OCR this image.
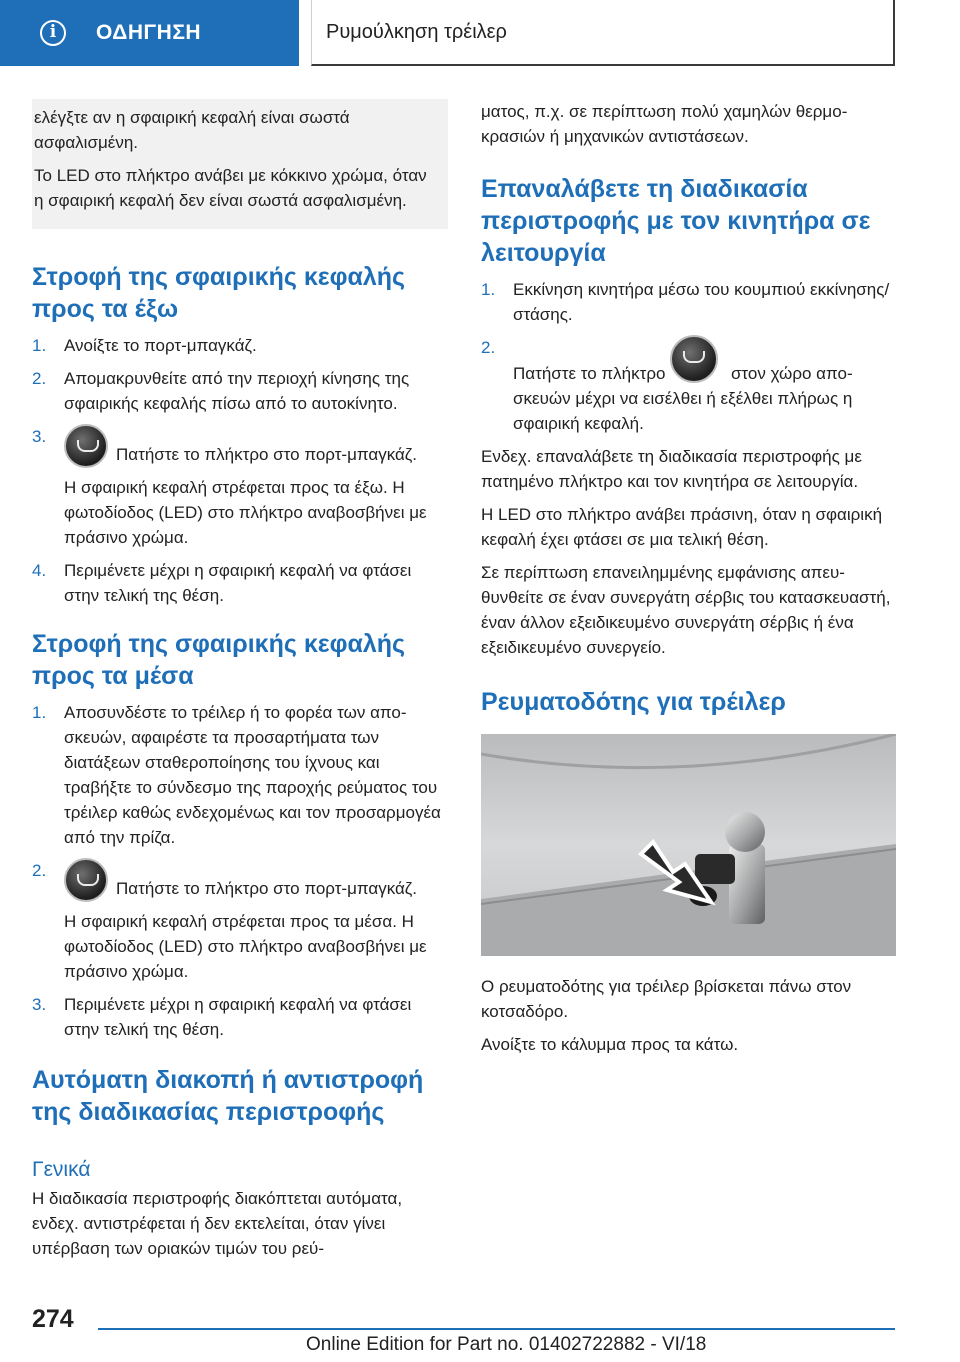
i	ΟΔΗΓΗΣΗ	Ρυμούλκηση τρέιλερ

ελέγξτε αν η σφαιρική κεφαλή είναι σωστά ασφαλισμένη.

Το LED στο πλήκτρο ανάβει με κόκκινο χρώμα, όταν η σφαιρική κεφαλή δεν είναι σωστά ασφαλισμένη.

Στροφή της σφαιρικής κεφαλής προς τα έξω
1.	Ανοίξτε το πορτ-μπαγκάζ.

2.	Απομακρυνθείτε από την περιοχή κίνησης της σφαιρικής κεφαλής πίσω από το αυτοκίνητο.

3.

Πατήστε το πλήκτρο στο πορτ-μπαγκάζ.

Η σφαιρική κεφαλή στρέφεται προς τα έξω. Η φωτοδίοδος (LED) στο πλήκτρο αναβοσβήνει με πράσινο χρώμα.

4.	Περιμένετε μέχρι η σφαιρική κεφαλή να φτάσει στην τελική της θέση.

Στροφή της σφαιρικής κεφαλής προς τα μέσα
1.	Αποσυνδέστε το τρέιλερ ή το φορέα των αποσκευών, αφαιρέστε τα προσαρτήματα των διατάξεων σταθεροποίησης του ίχνους και τραβήξτε το σύνδεσμο της παροχής ρεύματος του τρέιλερ καθώς ενδεχομένως και τον προσαρμογέα από την πρίζα.

2.

Πατήστε το πλήκτρο στο πορτ-μπαγκάζ.

Η σφαιρική κεφαλή στρέφεται προς τα μέσα. Η φωτοδίοδος (LED) στο πλήκτρο αναβοσβήνει με πράσινο χρώμα.

3.	Περιμένετε μέχρι η σφαιρική κεφαλή να φτάσει στην τελική της θέση.

Αυτόματη διακοπή ή αντιστροφή της διαδικασίας περιστροφής
Γενικά

Η διαδικασία περιστροφής διακόπτεται αυτόματα, ενδεχ. αντιστρέφεται ή δεν εκτελείται, όταν γίνει υπέρβαση των οριακών τιμών του ρεύ-

ματος, π.χ. σε περίπτωση πολύ χαμηλών θερμοκρασιών ή μηχανικών αντιστάσεων.

Επαναλάβετε τη διαδικασία περιστροφής με τον κινητήρα σε λειτουργία
1.	Εκκίνηση κινητήρα μέσω του κουμπιού εκκίνησης/στάσης.

2.

Πατήστε το πλήκτρο	στον χώρο αποσκευών μέχρι να εισέλθει ή εξέλθει πλήρως η σφαιρική κεφαλή.

Ενδεχ. επαναλάβετε τη διαδικασία περιστροφής με πατημένο πλήκτρο και τον κινητήρα σε λειτουργία.

Η LED στο πλήκτρο ανάβει πράσινη, όταν η σφαιρική κεφαλή έχει φτάσει σε μια τελική θέση.

Σε περίπτωση επανειλημμένης εμφάνισης απευθυνθείτε σε έναν συνεργάτη σέρβις του κατασκευαστή, έναν άλλον εξειδικευμένο συνεργάτη σέρβις ή ένα εξειδικευμένο συνεργείο.

Ρευματοδότης για τρέιλερ

Ο ρευματοδότης για τρέιλερ βρίσκεται πάνω στον κοτσαδόρο.

Ανοίξτε το κάλυμμα προς τα κάτω.

274
Online Edition for Part no. 01402722882 - VI/18
